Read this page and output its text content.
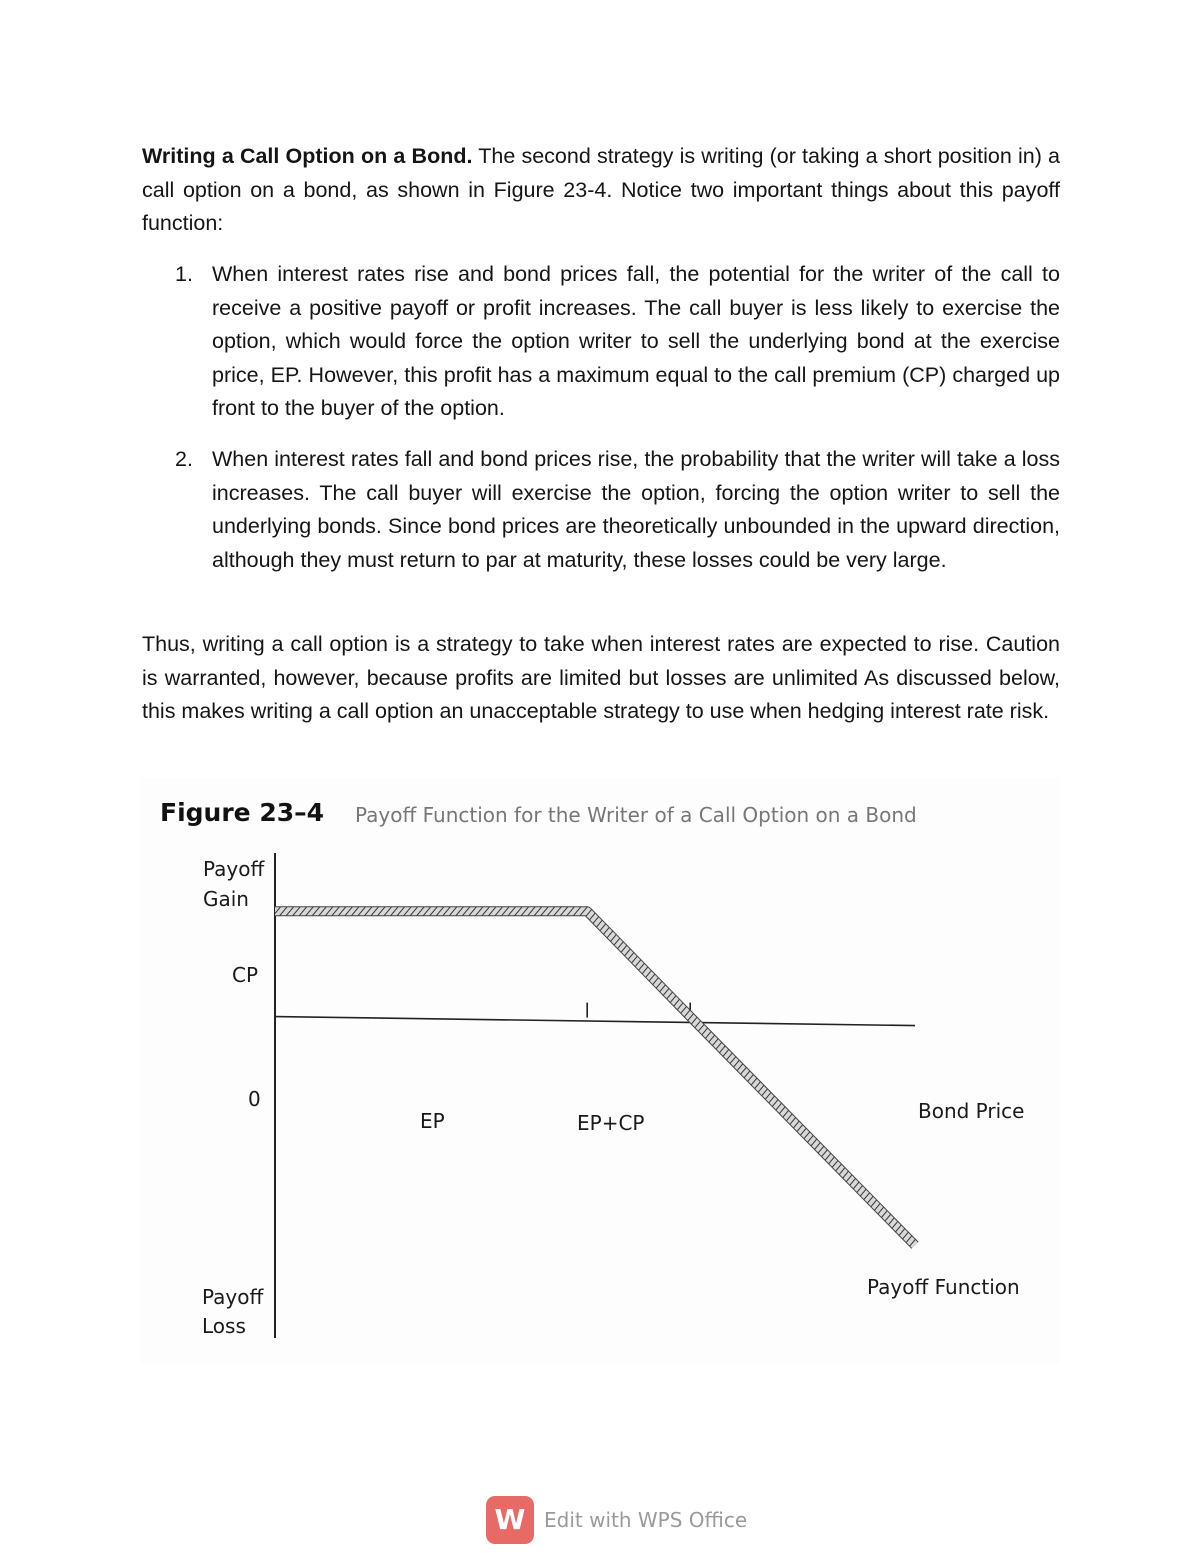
Writing a Call Option on a Bond. The second strategy is writing (or taking a short position in) a call option on a bond, as shown in Figure 23-4. Notice two important things about this payoff function:
1. When interest rates rise and bond prices fall, the potential for the writer of the call to receive a positive payoff or profit increases. The call buyer is less likely to exercise the option, which would force the option writer to sell the underlying bond at the exercise price, EP. However, this profit has a maximum equal to the call premium (CP) charged up front to the buyer of the option.
2. When interest rates fall and bond prices rise, the probability that the writer will take a loss increases. The call buyer will exercise the option, forcing the option writer to sell the underlying bonds. Since bond prices are theoretically unbounded in the upward direction, although they must return to par at maturity, these losses could be very large.
Thus, writing a call option is a strategy to take when interest rates are expected to rise. Caution is warranted, however, because profits are limited but losses are unlimited As discussed below, this makes writing a call option an unacceptable strategy to use when hedging interest rate risk.
Figure 23–4 Payoff Function for the Writer of a Call Option on a Bond
Payoff
Gain
CP
0
EP	EP+CP	Bond Price
Payoff Function
Payoff
Loss
W Edit with WPS Office
